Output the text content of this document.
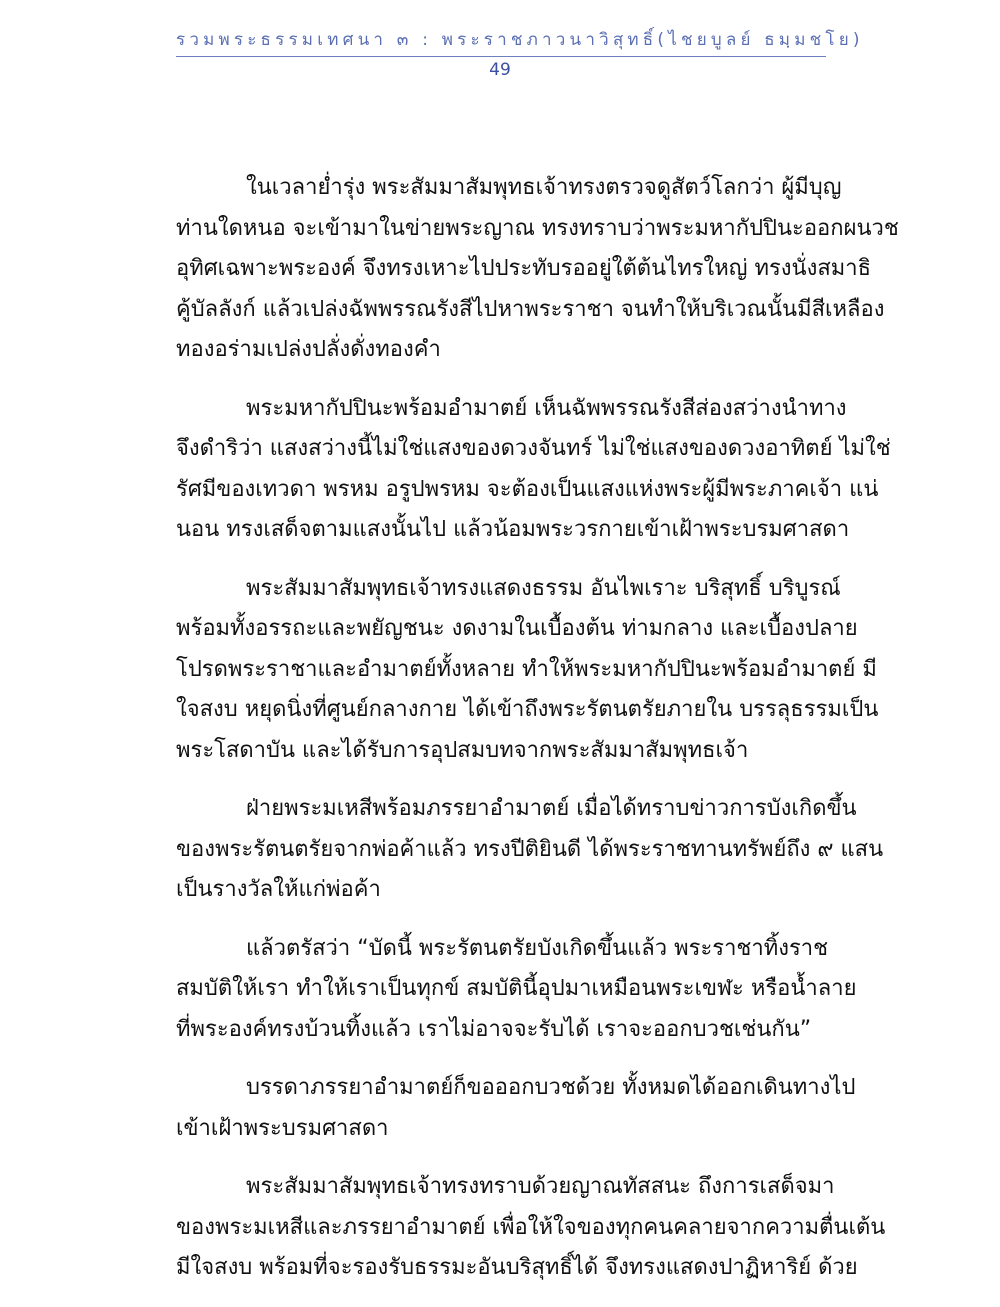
รวมพระธรรมเทศนา ๓ : พระราชภาวนาวิสุทธิ์(ไชยบูลย์ ธมฺมชโย)
49

ในเวลาย่ำรุ่ง พระสัมมาสัมพุทธเจ้าทรงตรวจดูสัตว์โลกว่า ผู้มีบุญ
ท่านใดหนอ จะเข้ามาในข่ายพระญาณ ทรงทราบว่าพระมหากัปปินะออกผนวช
อุทิศเฉพาะพระองค์ จึงทรงเหาะไปประทับรออยู่ใต้ต้นไทรใหญ่ ทรงนั่งสมาธิ
คู้บัลลังก์ แล้วเปล่งฉัพพรรณรังสีไปหาพระราชา จนทำให้บริเวณนั้นมีสีเหลือง
ทองอร่ามเปล่งปลั่งดั่งทองคำ

พระมหากัปปินะพร้อมอำมาตย์ เห็นฉัพพรรณรังสีส่องสว่างนำทาง
จึงดำริว่า แสงสว่างนี้ไม่ใช่แสงของดวงจันทร์ ไม่ใช่แสงของดวงอาทิตย์ ไม่ใช่
รัศมีของเทวดา พรหม อรูปพรหม จะต้องเป็นแสงแห่งพระผู้มีพระภาคเจ้า แน่
นอน ทรงเสด็จตามแสงนั้นไป แล้วน้อมพระวรกายเข้าเฝ้าพระบรมศาสดา

พระสัมมาสัมพุทธเจ้าทรงแสดงธรรม อันไพเราะ บริสุทธิ์ บริบูรณ์
พร้อมทั้งอรรถะและพยัญชนะ งดงามในเบื้องต้น ท่ามกลาง และเบื้องปลาย
โปรดพระราชาและอำมาตย์ทั้งหลาย ทำให้พระมหากัปปินะพร้อมอำมาตย์ มี
ใจสงบ หยุดนิ่งที่ศูนย์กลางกาย ได้เข้าถึงพระรัตนตรัยภายใน บรรลุธรรมเป็น
พระโสดาบัน และได้รับการอุปสมบทจากพระสัมมาสัมพุทธเจ้า

ฝ่ายพระมเหสีพร้อมภรรยาอำมาตย์ เมื่อได้ทราบข่าวการบังเกิดขึ้น
ของพระรัตนตรัยจากพ่อค้าแล้ว ทรงปีติยินดี ได้พระราชทานทรัพย์ถึง ๙ แสน
เป็นรางวัลให้แก่พ่อค้า

แล้วตรัสว่า “บัดนี้ พระรัตนตรัยบังเกิดขึ้นแล้ว พระราชาทิ้งราช
สมบัติให้เรา ทำให้เราเป็นทุกข์ สมบัตินี้อุปมาเหมือนพระเขฬะ หรือน้ำลาย
ที่พระองค์ทรงบ้วนทิ้งแล้ว เราไม่อาจจะรับได้ เราจะออกบวชเช่นกัน”

บรรดาภรรยาอำมาตย์ก็ขอออกบวชด้วย ทั้งหมดได้ออกเดินทางไป
เข้าเฝ้าพระบรมศาสดา

พระสัมมาสัมพุทธเจ้าทรงทราบด้วยญาณทัสสนะ ถึงการเสด็จมา
ของพระมเหสีและภรรยาอำมาตย์ เพื่อให้ใจของทุกคนคลายจากความตื่นเต้น
มีใจสงบ พร้อมที่จะรองรับธรรมะอันบริสุทธิ์ได้ จึงทรงแสดงปาฏิหาริย์ ด้วย
